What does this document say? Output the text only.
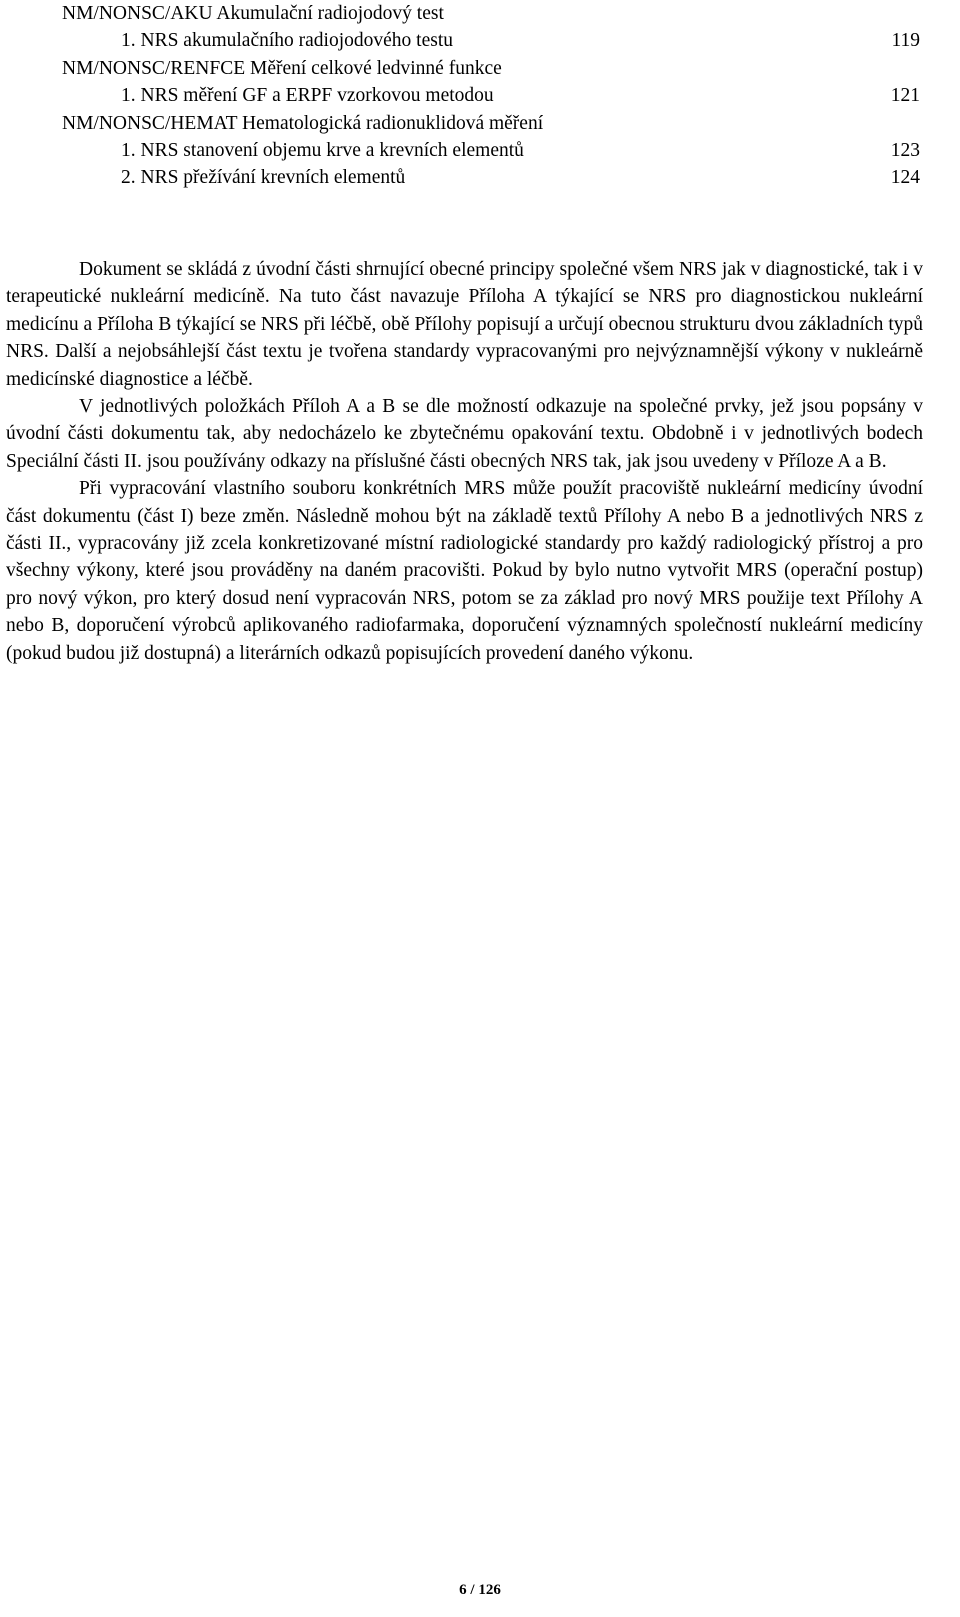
NM/NONSC/AKU Akumulační radiojodový test
1. NRS akumulačního radiojodového testu	119
NM/NONSC/RENFCE Měření celkové ledvinné funkce
1. NRS měření GF a ERPF vzorkovou metodou	121
NM/NONSC/HEMAT Hematologická radionuklidová měření
1. NRS stanovení objemu krve a krevních elementů	123
2. NRS přežívání krevních elementů	124

Dokument se skládá z úvodní části shrnující obecné principy společné všem NRS jak v diagnostické, tak i v terapeutické nukleární medicíně. Na tuto část navazuje Příloha A týkající se NRS pro diagnostickou nukleární medicínu a Příloha B týkající se NRS při léčbě, obě Přílohy popisují a určují obecnou strukturu dvou základních typů NRS. Další a nejobsáhlejší část textu je tvořena standardy vypracovanými pro nejvýznamnější výkony v nukleárně medicínské diagnostice a léčbě.

V jednotlivých položkách Příloh A a B se dle možností odkazuje na společné prvky, jež jsou popsány v úvodní části dokumentu tak, aby nedocházelo ke zbytečnému opakování textu. Obdobně i v jednotlivých bodech Speciální části II. jsou používány odkazy na příslušné části obecných NRS tak, jak jsou uvedeny v Příloze A a B.

Při vypracování vlastního souboru konkrétních MRS může použít pracoviště nukleární medicíny úvodní část dokumentu (část I) beze změn. Následně mohou být na základě textů Přílohy A nebo B a jednotlivých NRS z části II., vypracovány již zcela konkretizované místní radiologické standardy pro každý radiologický přístroj a pro všechny výkony, které jsou prováděny na daném pracovišti. Pokud by bylo nutno vytvořit MRS (operační postup) pro nový výkon, pro který dosud není vypracován NRS, potom se za základ pro nový MRS použije text Přílohy A nebo B, doporučení výrobců aplikovaného radiofarmaka, doporučení významných společností nukleární medicíny (pokud budou již dostupná) a literárních odkazů popisujících provedení daného výkonu.

6 / 126
